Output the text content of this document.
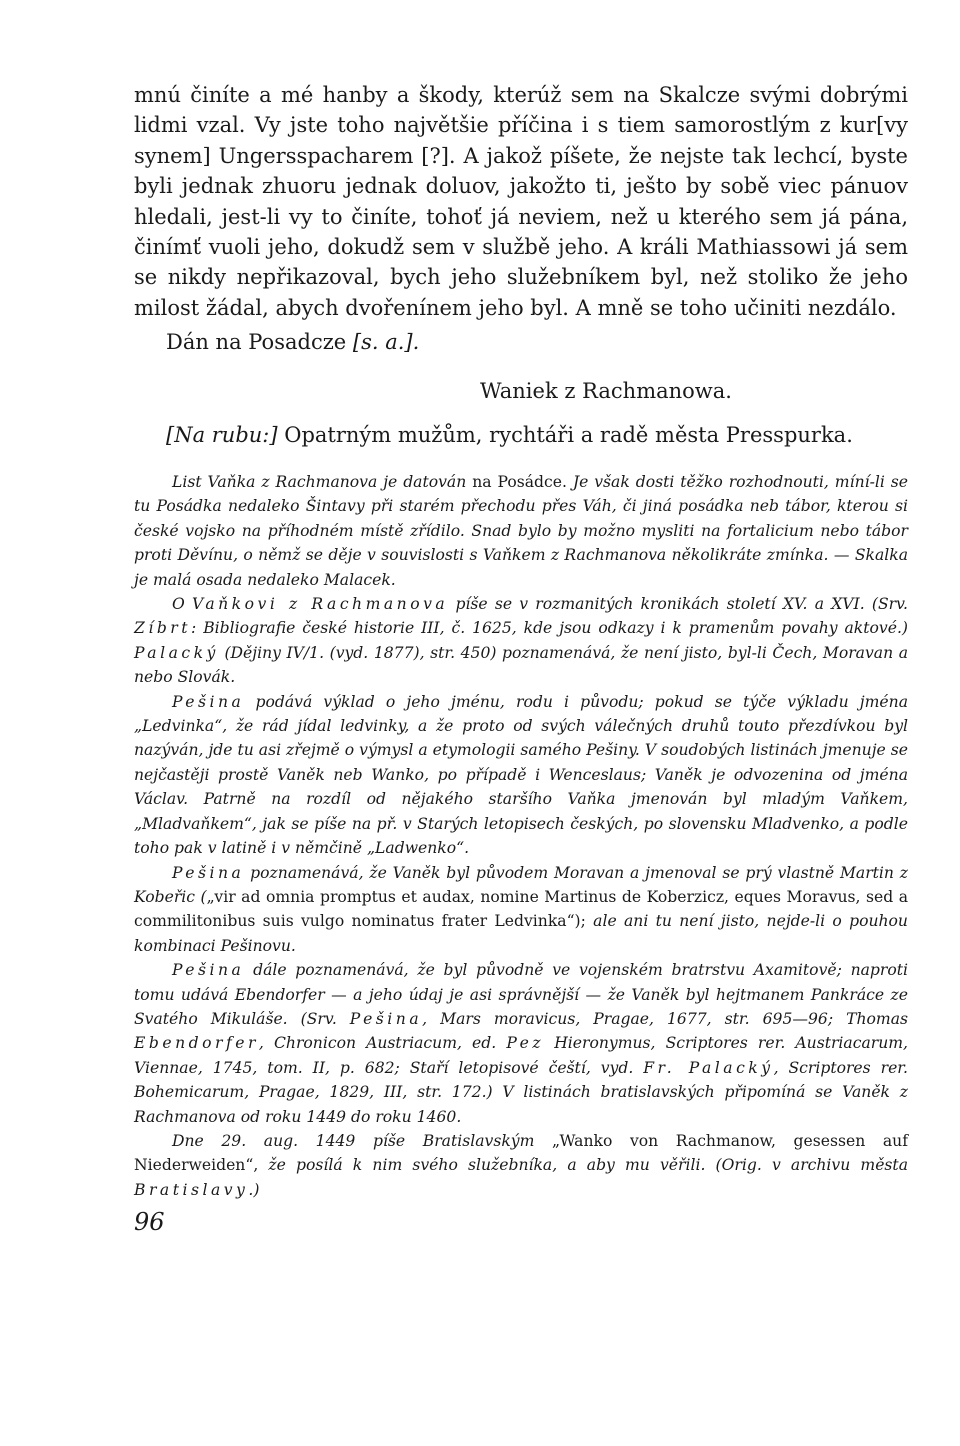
mnú činíte a mé hanby a škody, kterúž sem na Skalcze svými dobrými lidmi vzal. Vy jste toho najvětšie příčina i s tiem samorostlým z kur[vy synem] Ungersspacharem [?]. A jakož píšete, že nejste tak lechcí, byste byli jednak zhuoru jednak doluov, jakožto ti, ješto by sobě viec pánuov hledali, jest-li vy to činíte, tohoť já neviem, než u kterého sem já pána, činímť vuoli jeho, dokudž sem v službě jeho. A králi Mathiassowi já sem se nikdy nepřikazoval, bych jeho služebníkem byl, než stoliko že jeho milost žádal, abych dvořenínem jeho byl. A mně se toho učiniti nezdálo.

Dán na Posadcze [s. a.].

Waniek z Rachmanowa.

[Na rubu:] Opatrným mužům, rychtáři a radě města Presspurka.

List Vaňka z Rachmanova je datován na Posádce. Je však dosti těžko rozhodnouti, míní-li se tu Posádka nedaleko Šintavy při starém přechodu přes Váh, či jiná posádka neb tábor, kterou si české vojsko na příhodném místě zřídilo. Snad bylo by možno mysliti na fortalicium nebo tábor proti Děvínu, o němž se děje v souvislosti s Vaňkem z Rachmanova několikráte zmínka. — Skalka je malá osada nedaleko Malacek.

O Vaňkovi z Rachmanova píše se v rozmanitých kronikách století XV. a XVI. (Srv. Zíbrt: Bibliografie české historie III, č. 1625, kde jsou odkazy i k pramenům povahy aktové.) Palacký (Dějiny IV/1. (vyd. 1877), str. 450) poznamenává, že není jisto, byl-li Čech, Moravan a nebo Slovák.

Pešina podává výklad o jeho jménu, rodu i původu; pokud se týče výkladu jména „Ledvinka“, že rád jídal ledvinky, a že proto od svých válečných druhů touto přezdívkou byl nazýván, jde tu asi zřejmě o výmysl a etymologii samého Pešiny. V soudobých listinách jmenuje se nejčastěji prostě Vaněk neb Wanko, po případě i Wenceslaus; Vaněk je odvozenina od jména Václav. Patrně na rozdíl od nějakého staršího Vaňka jmenován byl mladým Vaňkem, „Mladvaňkem“, jak se píše na př. v Starých letopisech českých, po slovensku Mladvenko, a podle toho pak v latině i v němčině „Ladwenko“.

Pešina poznamenává, že Vaněk byl původem Moravan a jmenoval se prý vlastně Martin z Kobeřic („vir ad omnia promptus et audax, nomine Martinus de Koberzicz, eques Moravus, sed a commilitonibus suis vulgo nominatus frater Ledvinka“); ale ani tu není jisto, nejde-li o pouhou kombinaci Pešinovu.

Pešina dále poznamenává, že byl původně ve vojenském bratrstvu Axamitově; naproti tomu udává Ebendorfer — a jeho údaj je asi správnější — že Vaněk byl hejtmanem Pankráce ze Svatého Mikuláše. (Srv. Pešina, Mars moravicus, Pragae, 1677, str. 695—96; Thomas Ebendorfer, Chronicon Austriacum, ed. Pez Hieronymus, Scriptores rer. Austriacarum, Viennae, 1745, tom. II, p. 682; Staří letopisové čeští, vyd. Fr. Palacký, Scriptores rer. Bohemicarum, Pragae, 1829, III, str. 172.) V listinách bratislavských připomíná se Vaněk z Rachmanova od roku 1449 do roku 1460.

Dne 29. aug. 1449 píše Bratislavským „Wanko von Rachmanow, gesessen auf Niederweiden“, že posílá k nim svého služebníka, a aby mu věřili. (Orig. v archivu města Bratislavy.)

96
